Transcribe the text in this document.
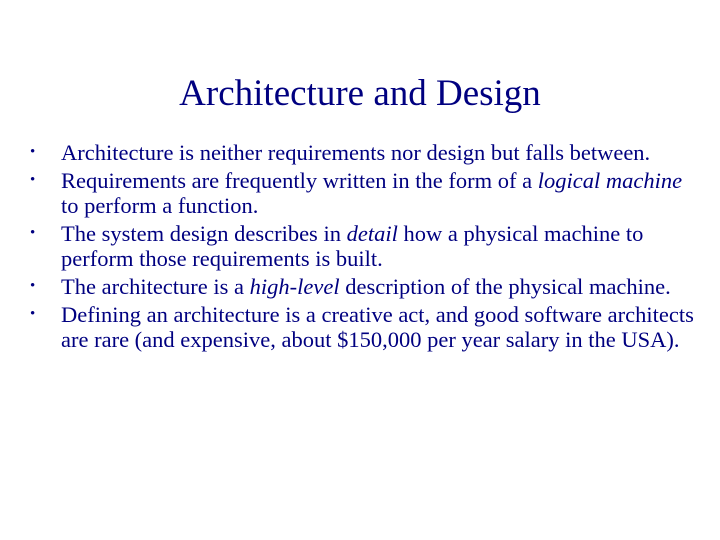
Architecture and Design
•	Architecture is neither requirements nor design but falls between.
•	Requirements are frequently written in the form of a logical machine to perform a function.
•	The system design describes in detail how a physical machine to perform those requirements is built.
•	The architecture is a high-level description of the physical machine.
•	Defining an architecture is a creative act, and good software architects are rare (and expensive, about $150,000 per year salary in the USA).
